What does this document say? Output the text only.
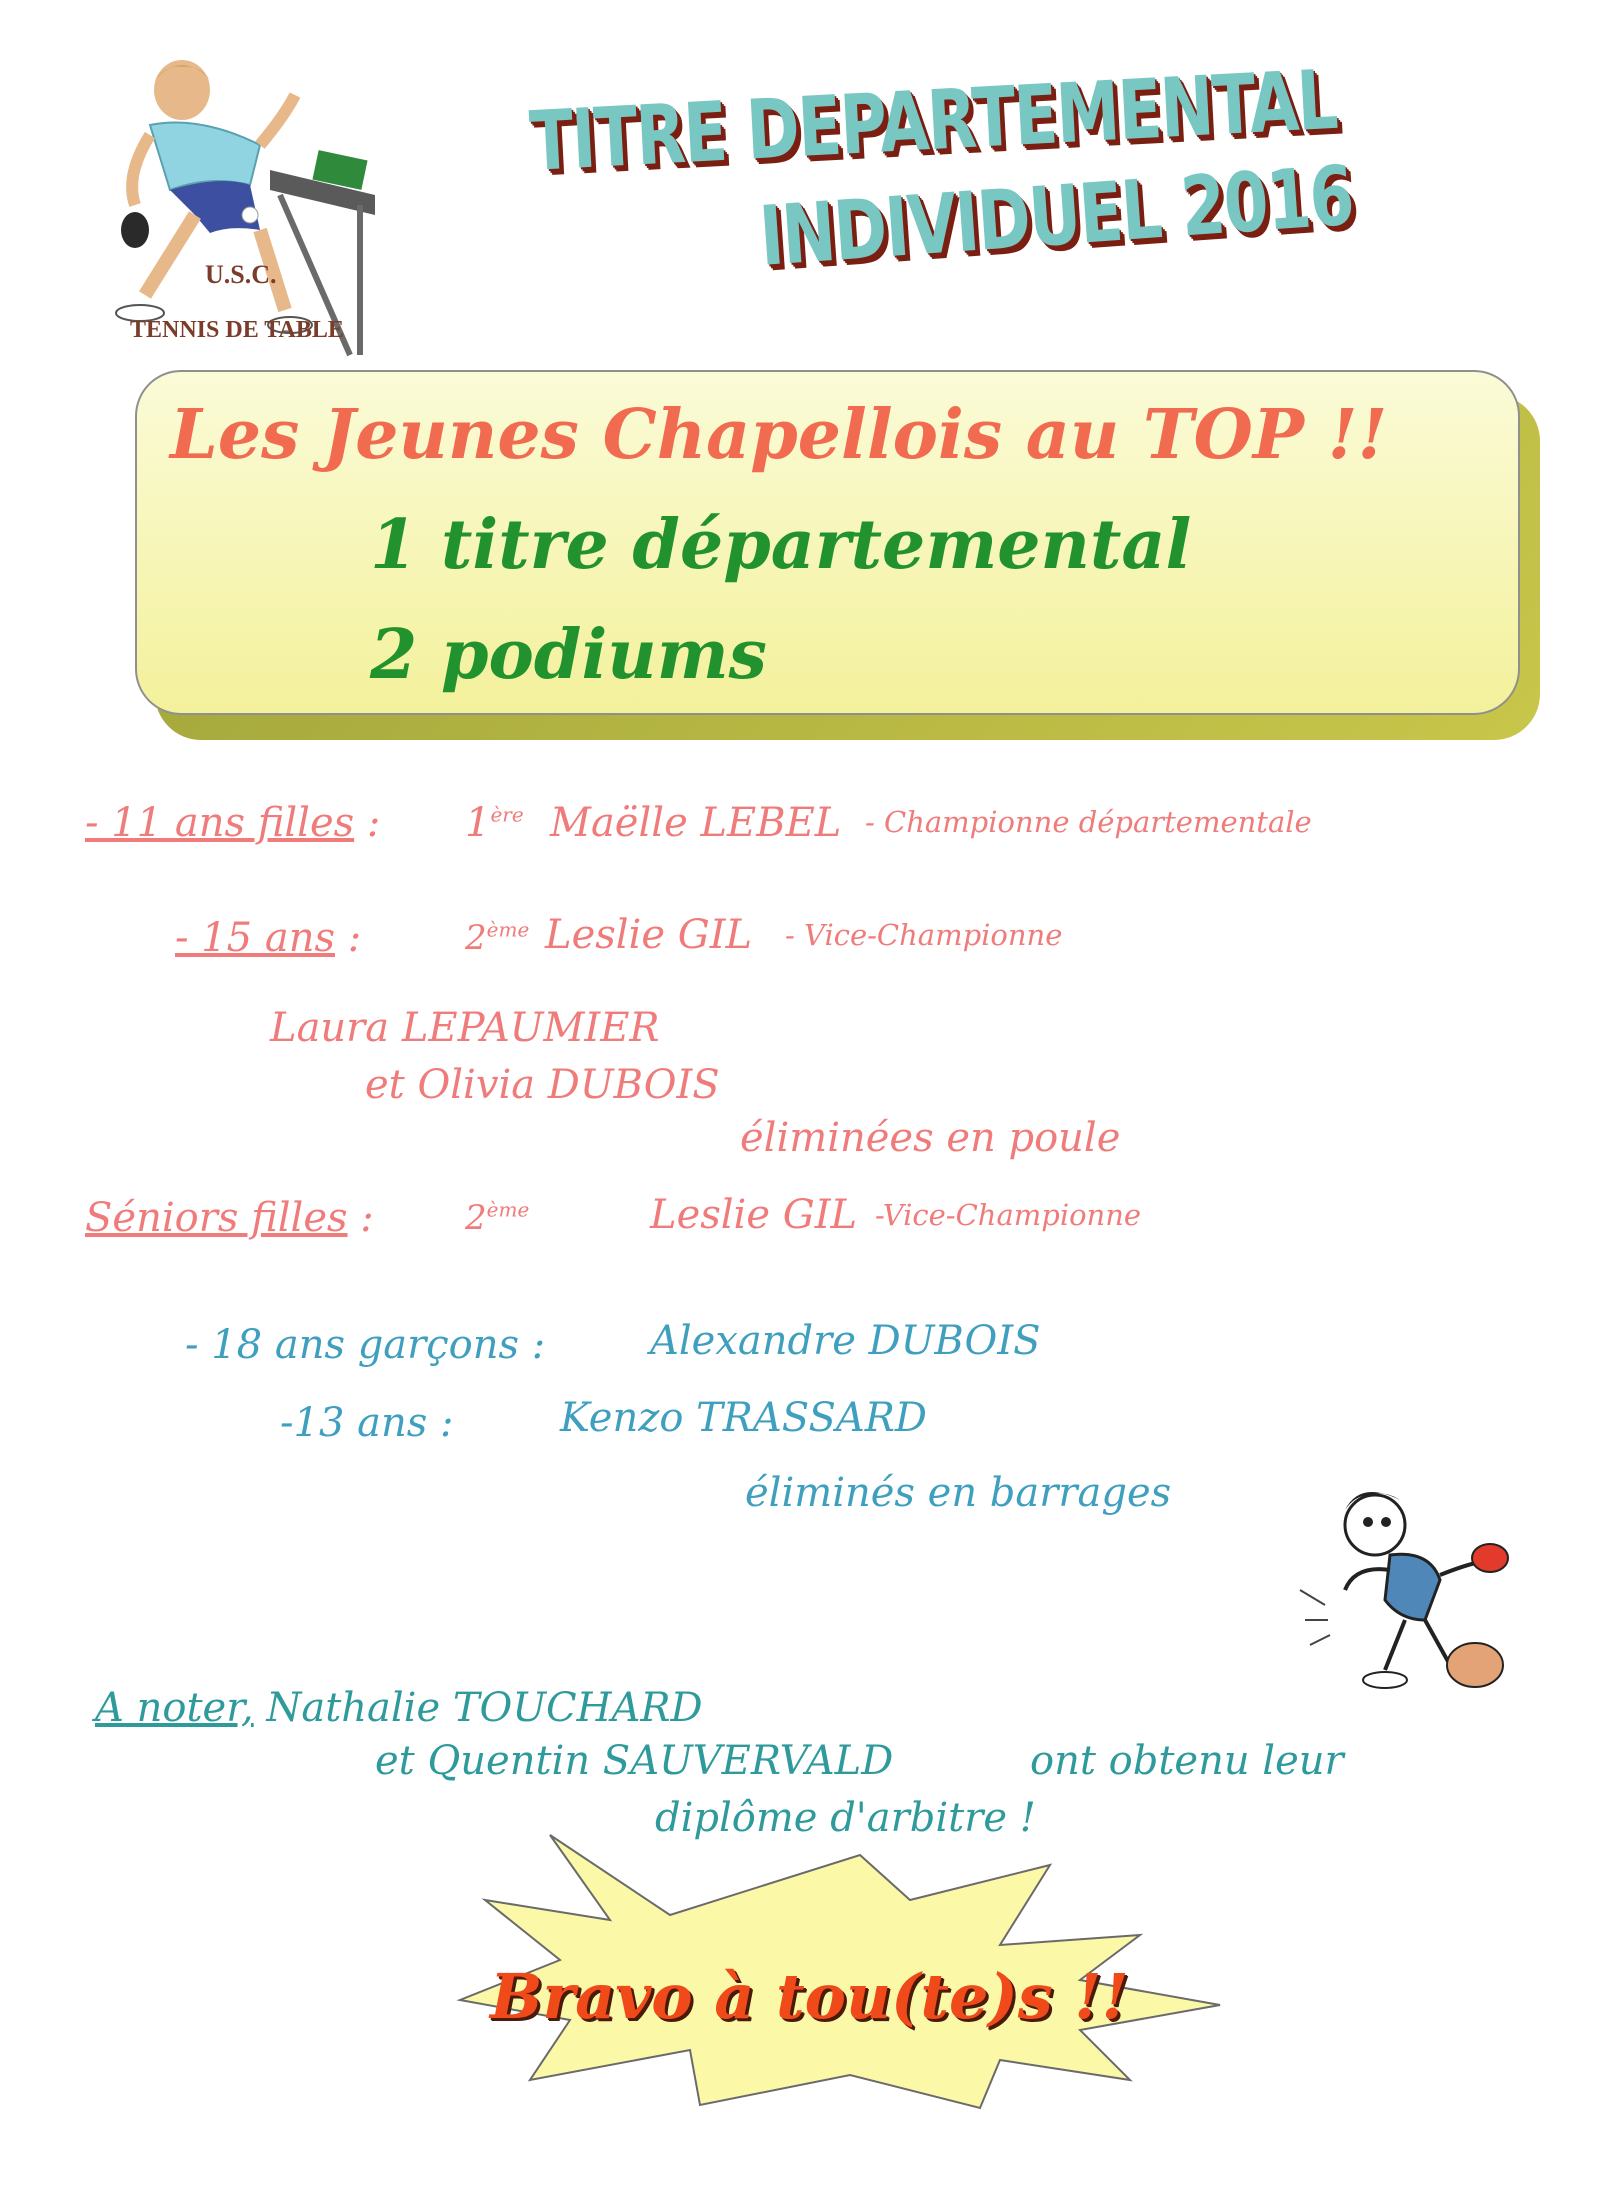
U.S.C.
TENNIS DE TABLE
TITRE DEPARTEMENTAL
INDIVIDUEL 2016
Les Jeunes Chapellois au TOP !!
1 titre départemental
2 podiums
- 11 ans filles : 1ère Maëlle LEBEL - Championne départementale
- 15 ans :	2ème Leslie GIL - Vice-Championne
Laura LEPAUMIER
et Olivia DUBOIS
éliminées en poule
Séniors filles :	2ème	Leslie GIL -Vice-Championne
- 18 ans garçons :	Alexandre DUBOIS
-13 ans :	Kenzo TRASSARD
éliminés en barrages
A noter, Nathalie TOUCHARD
et Quentin SAUVERVALD	ont obtenu leur
diplôme d'arbitre !
Bravo à tou(te)s !!
